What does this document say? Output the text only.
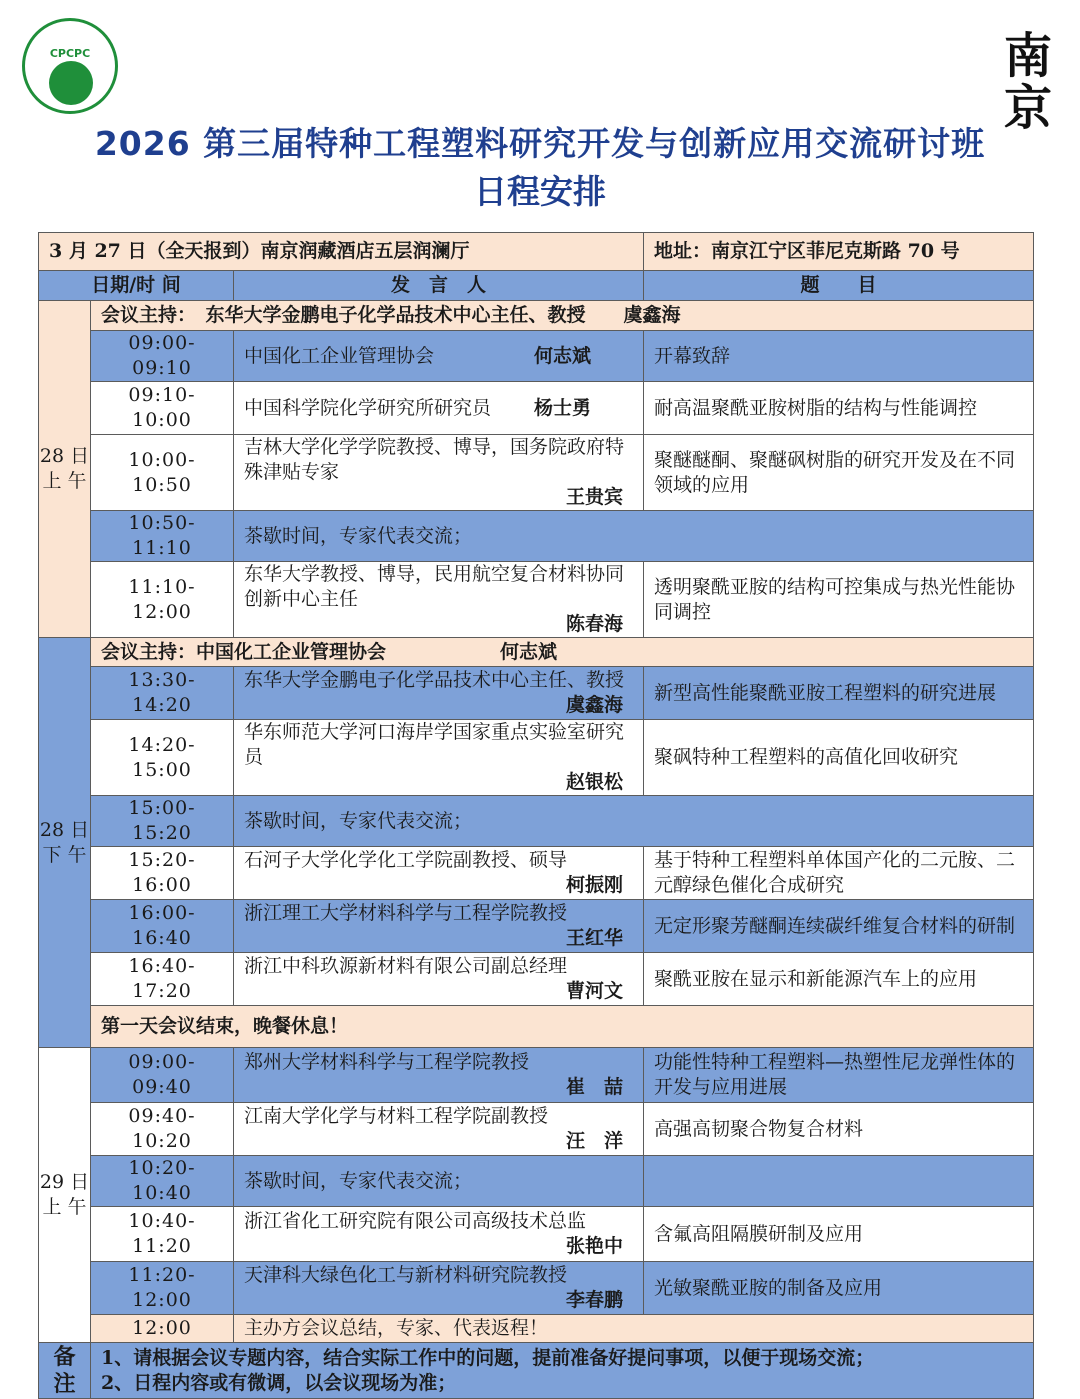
CPCPC	南京
2026 第三届特种工程塑料研究开发与创新应用交流研讨班
日程安排
3 月 27 日（全天报到）南京润藏酒店五层润澜厅			地址：南京江宁区菲尼克斯路 70 号
日期/时 间		发　言　人	题　　目
28 日 上 午	会议主持：　东华大学金鹏电子化学品技术中心主任、教授　　虞鑫海		
	09:00-09:10	中国化工企业管理协会 何志斌	开幕致辞
	09:10-10:00	中国科学院化学研究所研究员 杨士勇	耐高温聚酰亚胺树脂的结构与性能调控
	10:00-10:50	吉林大学化学学院教授、博导，国务院政府特殊津贴专家
王贵宾	聚醚醚酮、聚醚砜树脂的研究开发及在不同领域的应用
	10:50-11:10	茶歇时间，专家代表交流；	
	11:10-12:00	东华大学教授、博导，民用航空复合材料协同创新中心主任
陈春海	透明聚酰亚胺的结构可控集成与热光性能协同调控
28 日 下 午	会议主持：中国化工企业管理协会　　　　　　何志斌		
	13:30-14:20	东华大学金鹏电子化学品技术中心主任、教授
虞鑫海	新型高性能聚酰亚胺工程塑料的研究进展
	14:20-15:00	华东师范大学河口海岸学国家重点实验室研究员
赵银松	聚砜特种工程塑料的高值化回收研究
	15:00-15:20	茶歇时间，专家代表交流；	
	15:20-16:00	石河子大学化学化工学院副教授、硕导
柯振刚	基于特种工程塑料单体国产化的二元胺、二元醇绿色催化合成研究
	16:00-16:40	浙江理工大学材料科学与工程学院教授
王红华	无定形聚芳醚酮连续碳纤维复合材料的研制
	16:40-17:20	浙江中科玖源新材料有限公司副总经理
曹河文	聚酰亚胺在显示和新能源汽车上的应用
	第一天会议结束，晚餐休息！		
29 日 上 午	09:00-09:40	郑州大学材料科学与工程学院教授
崔　喆	功能性特种工程塑料—热塑性尼龙弹性体的开发与应用进展
	09:40-10:20	江南大学化学与材料工程学院副教授
汪　洋	高强高韧聚合物复合材料
	10:20-10:40	茶歇时间，专家代表交流；	
	10:40-11:20	浙江省化工研究院有限公司高级技术总监
张艳中	含氟高阻隔膜研制及应用
	11:20-12:00	天津科大绿色化工与新材料研究院教授
李春鹏	光敏聚酰亚胺的制备及应用
	12:00	主办方会议总结，专家、代表返程！	
备 注	1、请根据会议专题内容，结合实际工作中的问题，提前准备好提问事项，以便于现场交流；
2、日程内容或有微调，以会议现场为准；		
